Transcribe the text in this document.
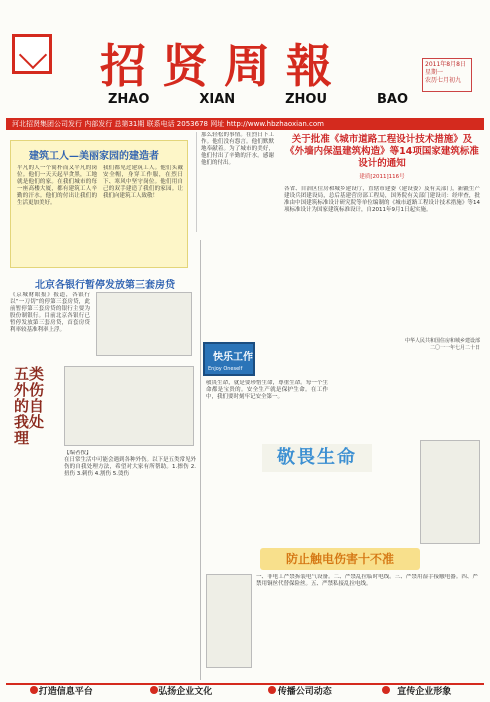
招贤周報
ZHAO	XIAN	ZHOU	BAO
2011年8月8日
星期一
农历七月初九
河北招贤集团公司发行 内部发行 总第31期 联系电话 2053678 网址 http://www.hbzhaoxian.com
建筑工人—美丽家园的建造者
平凡的人一个简朴而又平凡的岗位。他们一天天起早贪黑，工地就是他们的家。在我们城市的每一座高楼大厦，都有建筑工人辛勤的汗水。他们的付出让我们的生活更加美好。
我们都见过建筑工人。他们头戴安全帽，身穿工作服，在烈日下、寒风中坚守岗位。他们用自己的双手建造了我们的家园。让我们向建筑工人致敬！
那么轻松的事情。在烈日下工作。他们没有怨言。他们默默地奉献着。为了城市的美好，他们付出了辛勤的汗水。感谢他们的付出。
关于批准《城市道路工程设计技术措施》及《外墙内保温建筑构造》等14项国家建筑标准设计的通知
建质[2011]116号
各省、自治区住房和城乡建设厅，直辖市建委（建设委）及有关部门，新疆生产建设兵团建设局，总后基建营房部工程局，国务院有关部门建设司：经审查，批准由中国建筑标准设计研究院等单位编制的《城市道路工程设计技术措施》等14项标准设计为国家建筑标准设计，自2011年9月1日起实施。
中华人民共和国住房和城乡建设部
二〇一一年七月二十日
北京各银行暂停发放第三套房贷
《京城财眼报》报道，各银行以“一刀切”的停第三套房贷，此前暂停第三套房贷的银行主要为股份制银行。目前北京各银行已暂停发放第三套房贷，首套房贷利率较基准利率上浮。
五类外伤的自我处理
【编者按】
在日常生活中可能会遇到各种外伤。以下是五类常见外伤的自我处理方法，希望对大家有所帮助。1.擦伤 2.扭伤 3.刺伤 4.割伤 5.烫伤
快乐工作
Enjoy Oneself
敬畏生命，就是要珍惜生命，尊重生命。每一个生命都是宝贵的。安全生产就是保护生命。在工作中，我们要时刻牢记安全第一。
敬畏生命
防止触电伤害十不准
一、非电工严禁拆装电气设备。二、严禁乱拉临时电线。三、严禁用湿手接触电器。四、严禁用铜丝代替保险丝。五、严禁私接乱拉电线。
打造信息平台	弘扬企业文化	传播公司动态	宣传企业形象
